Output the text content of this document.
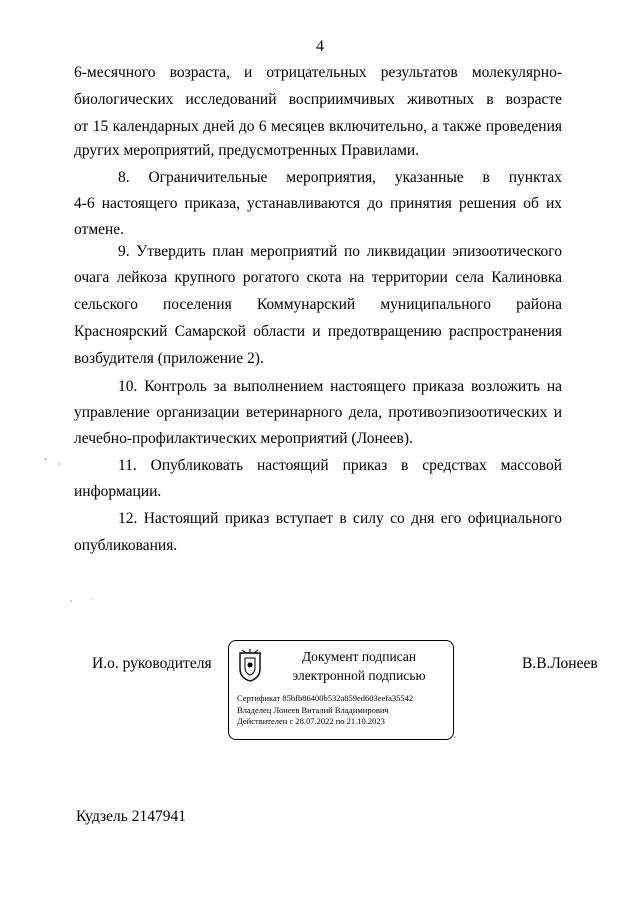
4
6-месячного возраста, и отрицательных результатов молекулярно-
биологических исследований восприимчивых животных в возрасте
от 15 календарных дней до 6 месяцев включительно, а также проведения
других мероприятий, предусмотренных Правилами.
8. Ограничительные мероприятия, указанные в пунктах
4-6 настоящего приказа, устанавливаются до принятия решения об их
отмене.
9. Утвердить план мероприятий по ликвидации эпизоотического
очага лейкоза крупного рогатого скота на территории села Калиновка
сельского поселения Коммунарский муниципального района
Красноярский Самарской области и предотвращению распространения
возбудителя (приложение 2).
10. Контроль за выполнением настоящего приказа возложить на
управление организации ветеринарного дела, противоэпизоотических и
лечебно-профилактических мероприятий (Лонеев).
11. Опубликовать настоящий приказ в средствах массовой
информации.
12. Настоящий приказ вступает в силу со дня его официального
опубликования.
И.о. руководителя	Документ подписан
электронной подписью
Сертификат 85bfb86400b532a859ed603eefa35542
Владелец Лонеев Виталий Владимирович
Действителен с 28.07.2022 по 21.10.2023
В.В.Лонеев
Кудзель 2147941
